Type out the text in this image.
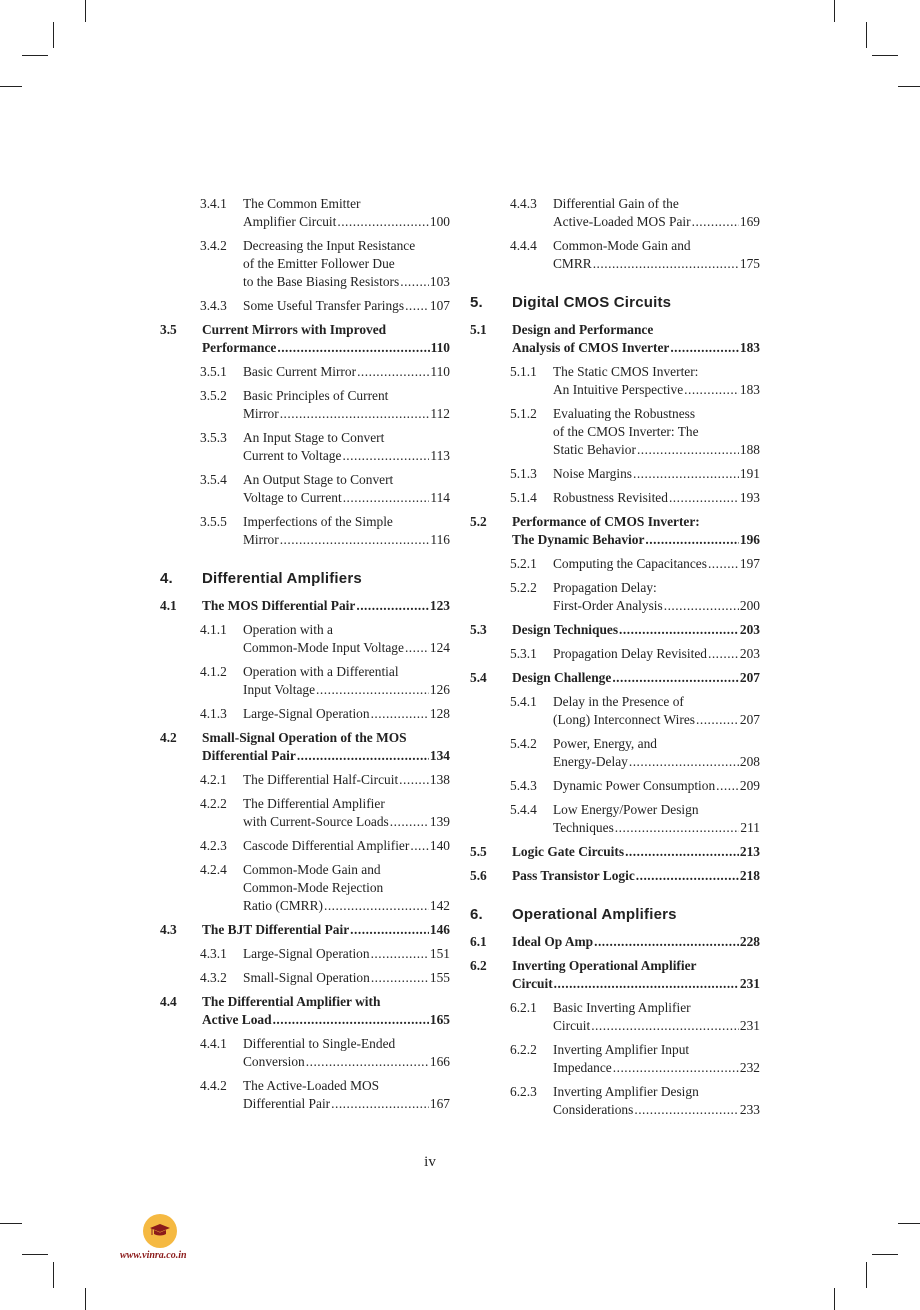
3.4.1 The Common Emitter
Amplifier Circuit .....	100
3.4.2 Decreasing the Input Resistance
of the Emitter Follower Due
to the Base Biasing Resistors ..... 103
3.4.3 Some Useful Transfer Parings ..... 107
3.5 Current Mirrors with Improved
Performance .....	110
3.5.1 Basic Current Mirror .....	110
3.5.2 Basic Principles of Current
Mirror .....	112
3.5.3 An Input Stage to Convert
Current to Voltage .....	113
3.5.4 An Output Stage to Convert
Voltage to Current .....	114
3.5.5 Imperfections of the Simple
Mirror .....	116
4. Differential Amplifiers
4.1 The MOS Differential Pair .....	123
4.1.1 Operation with a
Common-Mode Input Voltage ..... 124
4.1.2 Operation with a Differential
Input Voltage .....	126
4.1.3 Large-Signal Operation .....	128
4.2 Small-Signal Operation of the MOS
Differential Pair .....	134
4.2.1 The Differential Half-Circuit ..... 138
4.2.2 The Differential Amplifier
with Current-Source Loads .....	139
4.2.3 Cascode Differential Amplifier ..... 140
4.2.4 Common-Mode Gain and
Common-Mode Rejection
Ratio (CMRR) .....	142
4.3 The BJT Differential Pair .....	146
4.3.1 Large-Signal Operation .....	151
4.3.2 Small-Signal Operation .....	155
4.4 The Differential Amplifier with
Active Load .....	165
4.4.1 Differential to Single-Ended
Conversion .....	166
4.4.2 The Active-Loaded MOS
Differential Pair .....	167
4.4.3 Differential Gain of the
Active-Loaded MOS Pair .....	169
4.4.4 Common-Mode Gain and
CMRR .....	175
5. Digital CMOS Circuits
5.1 Design and Performance
Analysis of CMOS Inverter .....	183
5.1.1 The Static CMOS Inverter:
An Intuitive Perspective .....	183
5.1.2 Evaluating the Robustness
of the CMOS Inverter: The
Static Behavior .....	188
5.1.3 Noise Margins .....	191
5.1.4 Robustness Revisited .....	193
5.2 Performance of CMOS Inverter:
The Dynamic Behavior .....	196
5.2.1 Computing the Capacitances ..... 197
5.2.2 Propagation Delay:
First-Order Analysis .....	200
5.3 Design Techniques .....	203
5.3.1 Propagation Delay Revisited ..... 203
5.4 Design Challenge .....	207
5.4.1 Delay in the Presence of
(Long) Interconnect Wires .....	207
5.4.2 Power, Energy, and
Energy-Delay .....	208
5.4.3 Dynamic Power Consumption ..... 209
5.4.4 Low Energy/Power Design
Techniques .....	211
5.5 Logic Gate Circuits .....	213
5.6 Pass Transistor Logic .....	218
6. Operational Amplifiers
6.1 Ideal Op Amp .....	228
6.2 Inverting Operational Amplifier
Circuit .....	231
6.2.1 Basic Inverting Amplifier
Circuit .....	231
6.2.2 Inverting Amplifier Input
Impedance .....	232
6.2.3 Inverting Amplifier Design
Considerations .....	233
iv
www.vinra.co.in
